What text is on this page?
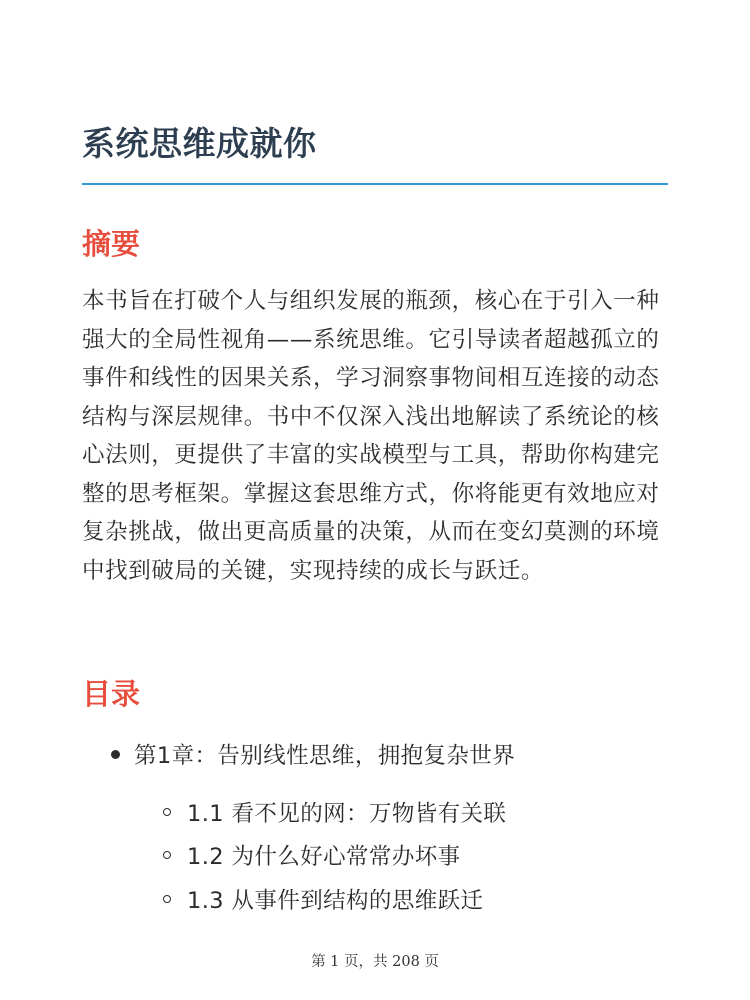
系统思维成就你
摘要

本书旨在打破个人与组织发展的瓶颈，核心在于引入一种强大的全局性视角——系统思维。它引导读者超越孤立的事件和线性的因果关系，学习洞察事物间相互连接的动态结构与深层规律。书中不仅深入浅出地解读了系统论的核心法则，更提供了丰富的实战模型与工具，帮助你构建完整的思考框架。掌握这套思维方式，你将能更有效地应对复杂挑战，做出更高质量的决策，从而在变幻莫测的环境中找到破局的关键，实现持续的成长与跃迁。

目录
第1章：告别线性思维，拥抱复杂世界
1.1 看不见的网：万物皆有关联
1.2 为什么好心常常办坏事
1.3 从事件到结构的思维跃迁
第 1 页，共 208 页
